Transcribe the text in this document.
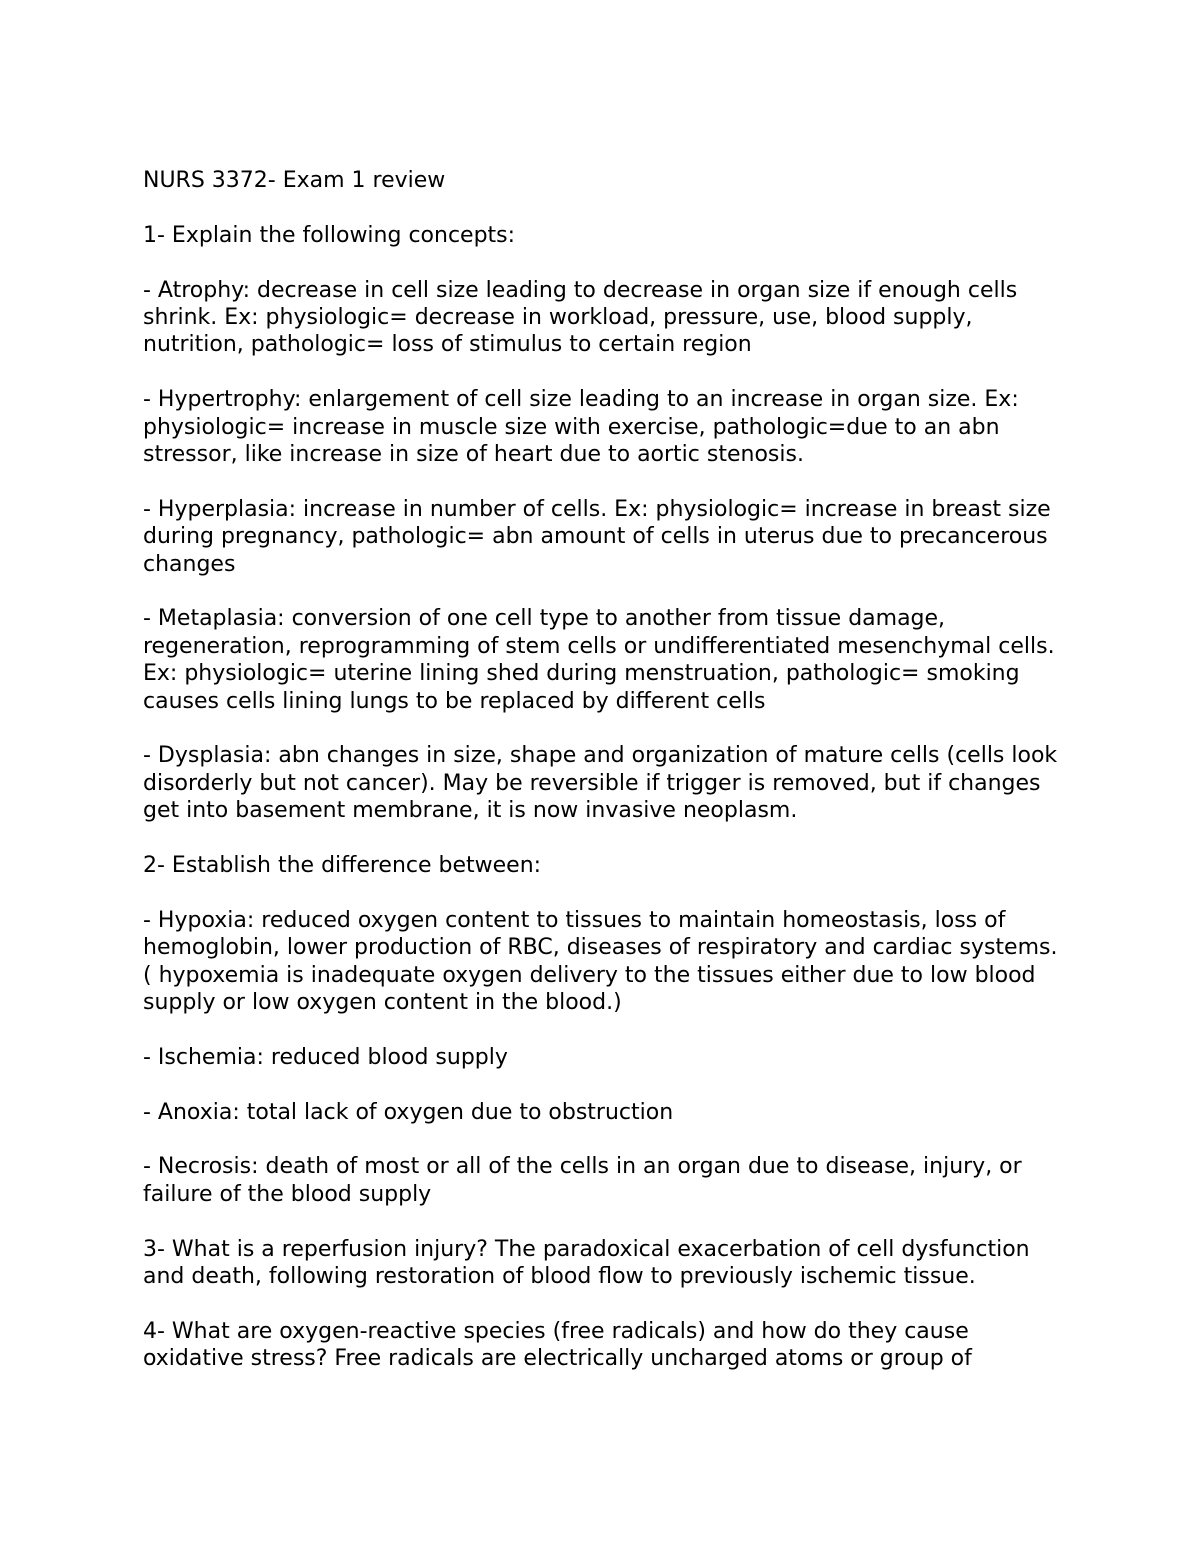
NURS 3372- Exam 1 review

1- Explain the following concepts:

- Atrophy: decrease in cell size leading to decrease in organ size if enough cells shrink. Ex: physiologic= decrease in workload, pressure, use, blood supply, nutrition, pathologic= loss of stimulus to certain region

- Hypertrophy: enlargement of cell size leading to an increase in organ size. Ex: physiologic= increase in muscle size with exercise, pathologic=due to an abn stressor, like increase in size of heart due to aortic stenosis.

- Hyperplasia: increase in number of cells. Ex: physiologic= increase in breast size during pregnancy, pathologic= abn amount of cells in uterus due to precancerous changes

- Metaplasia: conversion of one cell type to another from tissue damage, regeneration, reprogramming of stem cells or undifferentiated mesenchymal cells. Ex: physiologic= uterine lining shed during menstruation, pathologic= smoking causes cells lining lungs to be replaced by different cells

- Dysplasia: abn changes in size, shape and organization of mature cells (cells look disorderly but not cancer). May be reversible if trigger is removed, but if changes get into basement membrane, it is now invasive neoplasm.

2- Establish the difference between:

- Hypoxia: reduced oxygen content to tissues to maintain homeostasis, loss of hemoglobin, lower production of RBC, diseases of respiratory and cardiac systems. ( hypoxemia is inadequate oxygen delivery to the tissues either due to low blood supply or low oxygen content in the blood.)

- Ischemia: reduced blood supply

- Anoxia: total lack of oxygen due to obstruction

- Necrosis: death of most or all of the cells in an organ due to disease, injury, or failure of the blood supply

3- What is a reperfusion injury? The paradoxical exacerbation of cell dysfunction and death, following restoration of blood flow to previously ischemic tissue.

4- What are oxygen-reactive species (free radicals) and how do they cause oxidative stress? Free radicals are electrically uncharged atoms or group of
